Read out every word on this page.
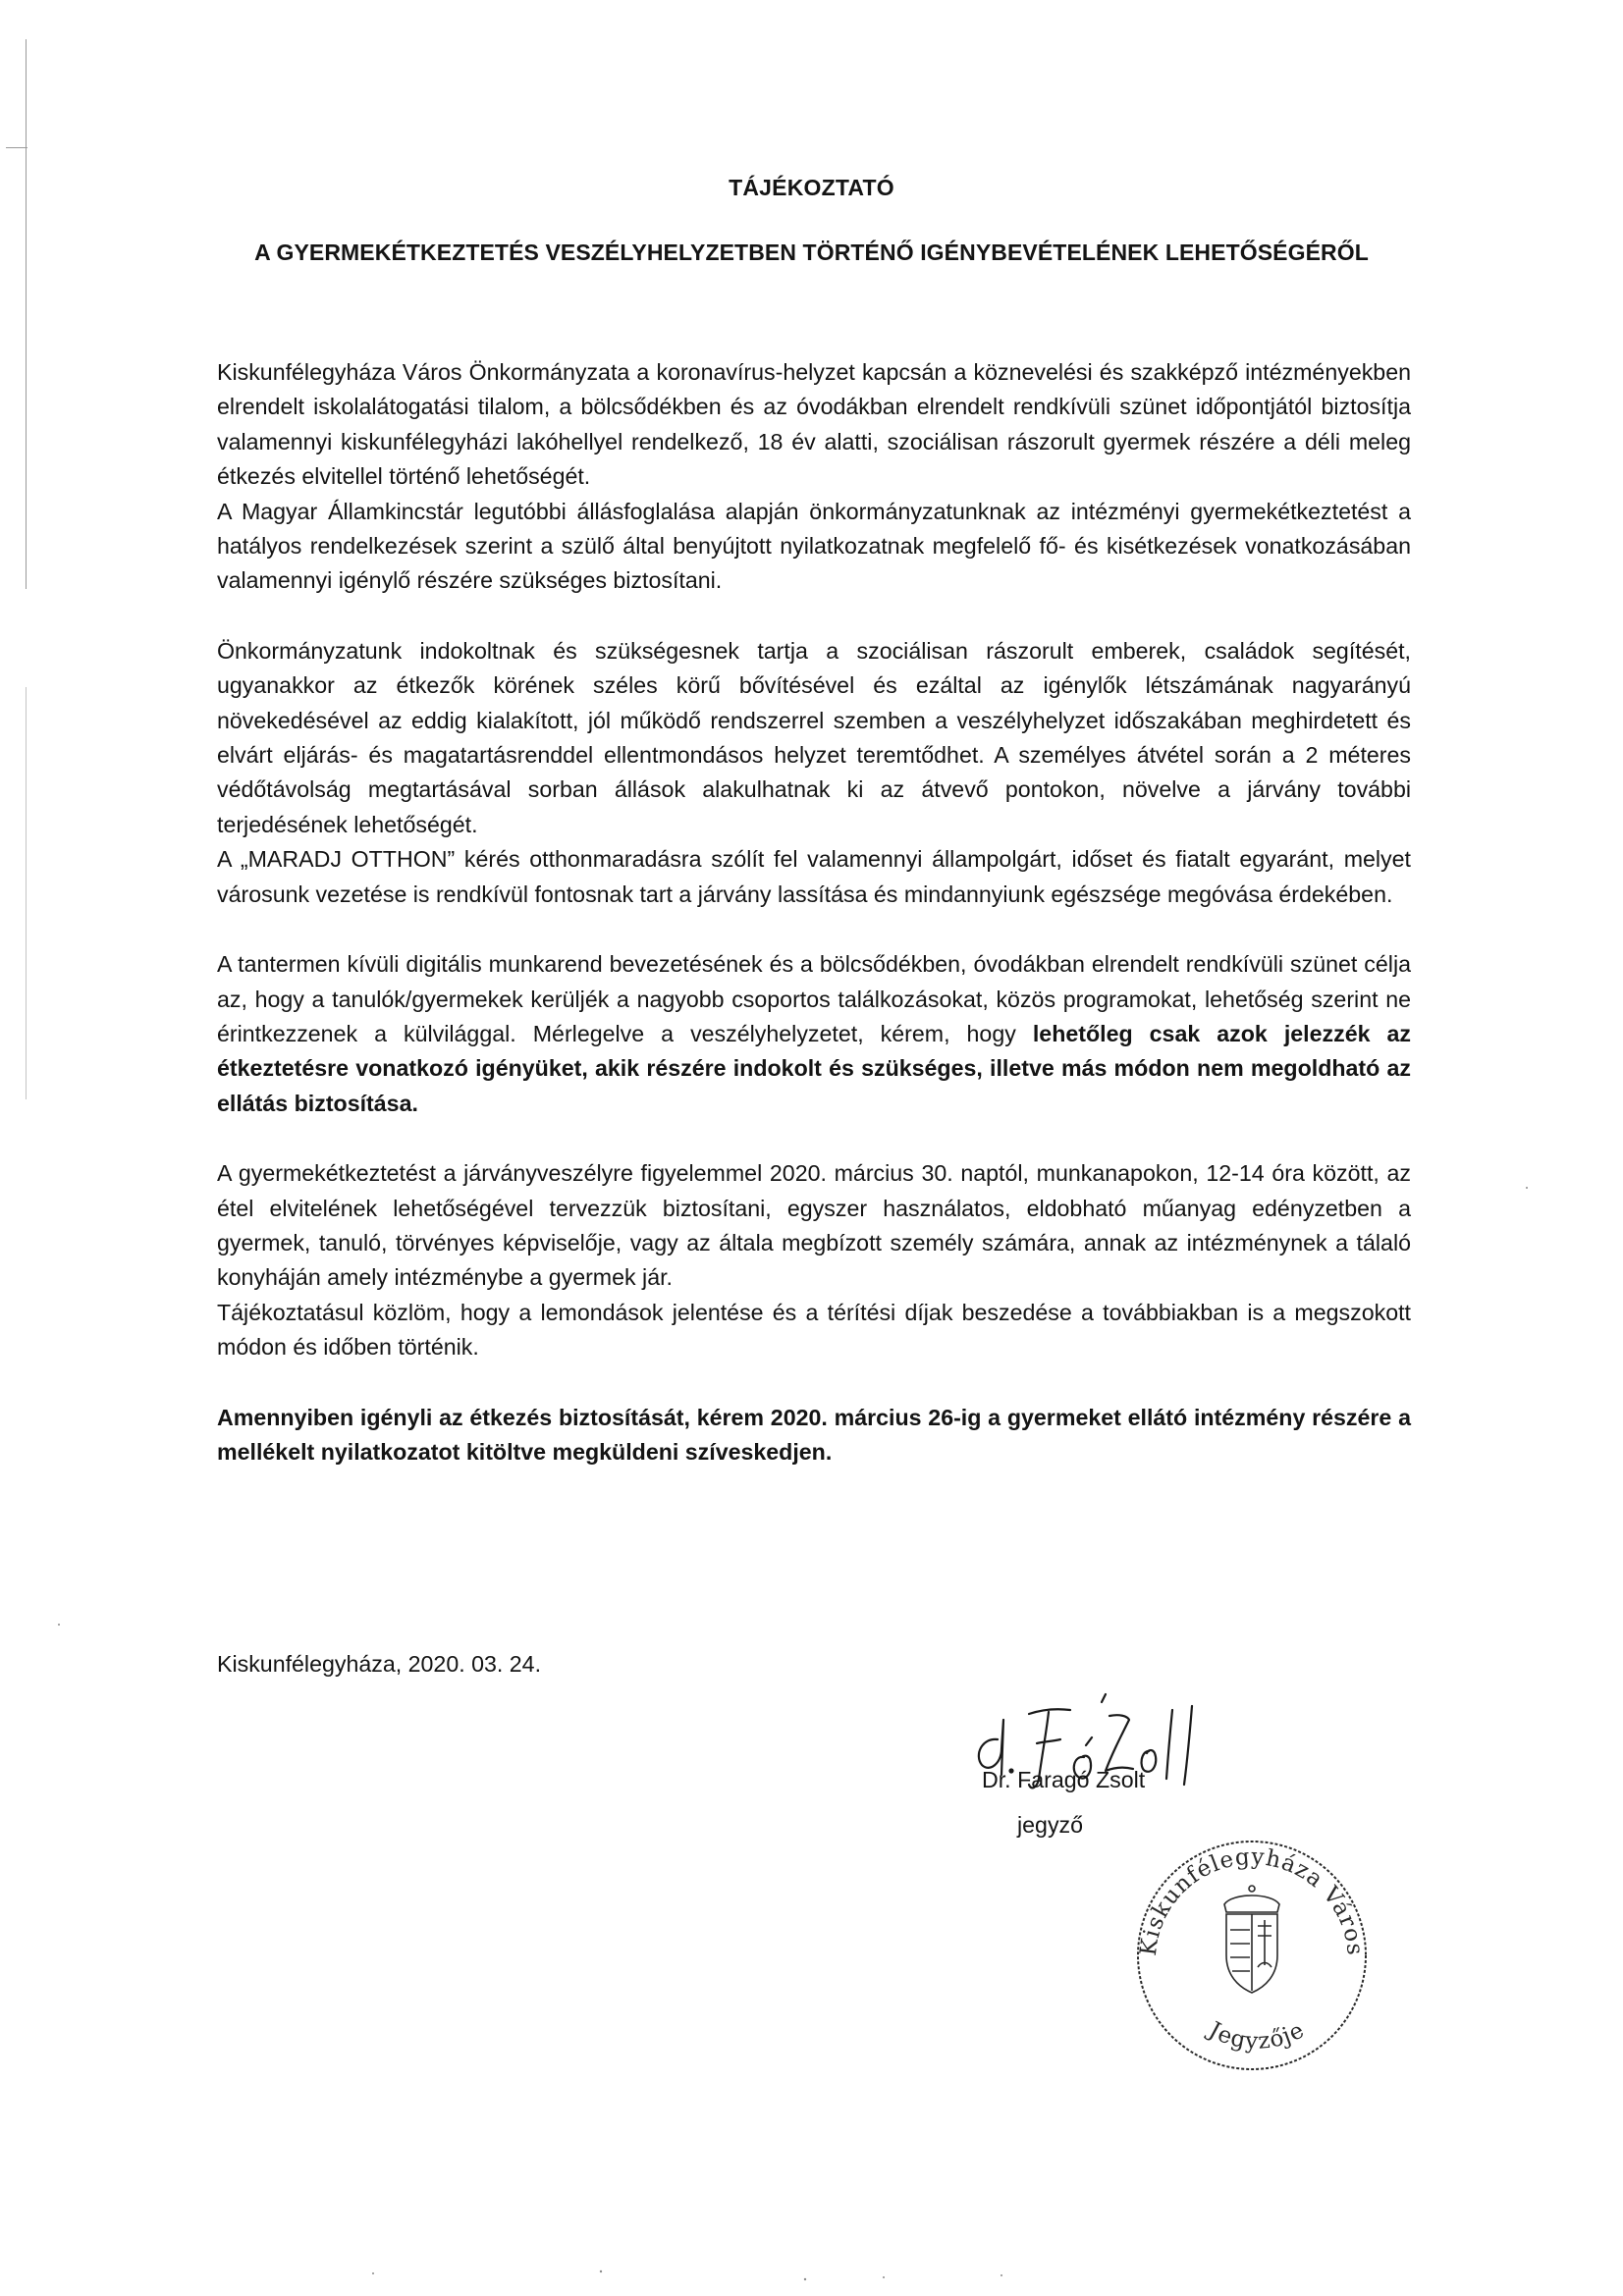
TÁJÉKOZTATÓ
A GYERMEKÉTKEZTETÉS VESZÉLYHELYZETBEN TÖRTÉNŐ IGÉNYBEVÉTELÉNEK LEHETŐSÉGÉRŐL

Kiskunfélegyháza Város Önkormányzata a koronavírus-helyzet kapcsán a köznevelési és szakképző intézményekben elrendelt iskolalátogatási tilalom, a bölcsődékben és az óvodákban elrendelt rendkívüli szünet időpontjától biztosítja valamennyi kiskunfélegyházi lakóhellyel rendelkező, 18 év alatti, szociálisan rászorult gyermek részére a déli meleg étkezés elvitellel történő lehetőségét.

A Magyar Államkincstár legutóbbi állásfoglalása alapján önkormányzatunknak az intézményi gyermekétkeztetést a hatályos rendelkezések szerint a szülő által benyújtott nyilatkozatnak megfelelő fő- és kisétkezések vonatkozásában valamennyi igénylő részére szükséges biztosítani.

Önkormányzatunk indokoltnak és szükségesnek tartja a szociálisan rászorult emberek, családok segítését, ugyanakkor az étkezők körének széles körű bővítésével és ezáltal az igénylők létszámának nagyarányú növekedésével az eddig kialakított, jól működő rendszerrel szemben a veszélyhelyzet időszakában meghirdetett és elvárt eljárás- és magatartásrenddel ellentmondásos helyzet teremtődhet. A személyes átvétel során a 2 méteres védőtávolság megtartásával sorban állások alakulhatnak ki az átvevő pontokon, növelve a járvány további terjedésének lehetőségét.

A „MARADJ OTTHON” kérés otthonmaradásra szólít fel valamennyi állampolgárt, időset és fiatalt egyaránt, melyet városunk vezetése is rendkívül fontosnak tart a járvány lassítása és mindannyiunk egészsége megóvása érdekében.

A tantermen kívüli digitális munkarend bevezetésének és a bölcsődékben, óvodákban elrendelt rendkívüli szünet célja az, hogy a tanulók/gyermekek kerüljék a nagyobb csoportos találkozásokat, közös programokat, lehetőség szerint ne érintkezzenek a külvilággal. Mérlegelve a veszélyhelyzetet, kérem, hogy lehetőleg csak azok jelezzék az étkeztetésre vonatkozó igényüket, akik részére indokolt és szükséges, illetve más módon nem megoldható az ellátás biztosítása.

A gyermekétkeztetést a járványveszélyre figyelemmel 2020. március 30. naptól, munkanapokon, 12-14 óra között, az étel elvitelének lehetőségével tervezzük biztosítani, egyszer használatos, eldobható műanyag edényzetben a gyermek, tanuló, törvényes képviselője, vagy az általa megbízott személy számára, annak az intézménynek a tálaló konyháján amely intézménybe a gyermek jár.

Tájékoztatásul közlöm, hogy a lemondások jelentése és a térítési díjak beszedése a továbbiakban is a megszokott módon és időben történik.

Amennyiben igényli az étkezés biztosítását, kérem 2020. március 26-ig a gyermeket ellátó intézmény részére a mellékelt nyilatkozatot kitöltve megküldeni szíveskedjen.

Kiskunfélegyháza, 2020. 03. 24.
Dr. Faragó Zsolt
jegyző
Kiskunfélegyháza Város
Jegyzője
